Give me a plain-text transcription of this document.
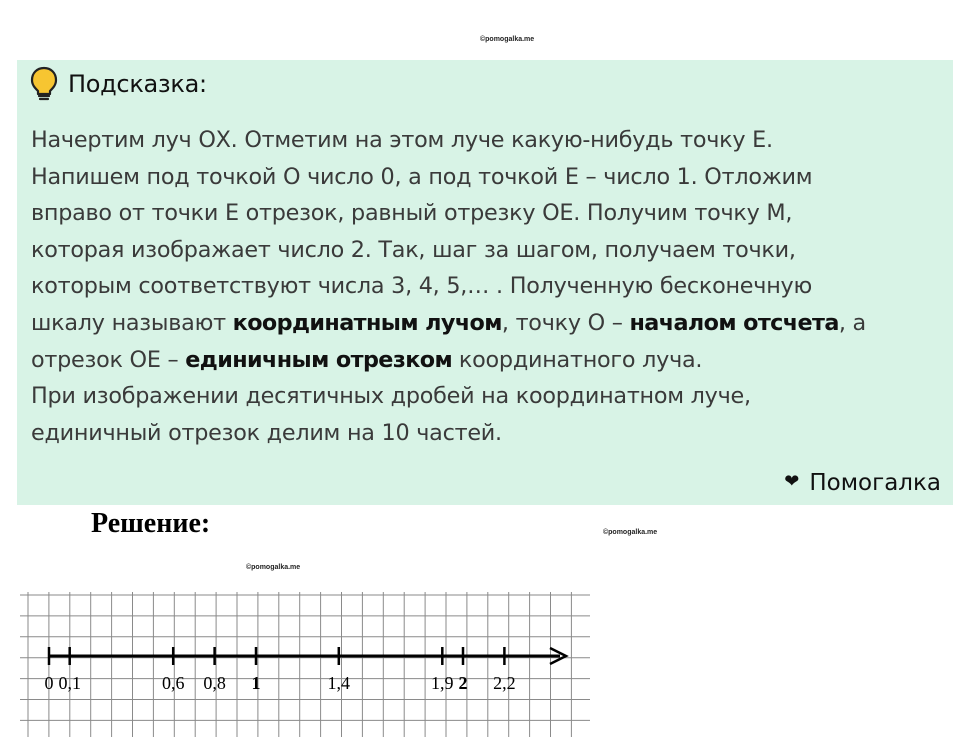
©pomogalka.me
Подсказка:
Начертим луч ОХ. Отметим на этом луче какую-нибудь точку Е.
Напишем под точкой О число 0, а под точкой Е – число 1. Отложим
вправо от точки Е отрезок, равный отрезку ОЕ. Получим точку М,
которая изображает число 2. Так, шаг за шагом, получаем точки,
которым соответствуют числа 3, 4, 5,… . Полученную бесконечную
шкалу называют координатным лучом, точку О – началом отсчета, а
отрезок ОЕ – единичным отрезком координатного луча.
При изображении десятичных дробей на координатном луче,
единичный отрезок делим на 10 частей.
❤ Помогалка
Решение:	©pomogalka.me
©pomogalka.me
0 0,1	0,6 0,8 1	1,4	1,9 2 2,2
